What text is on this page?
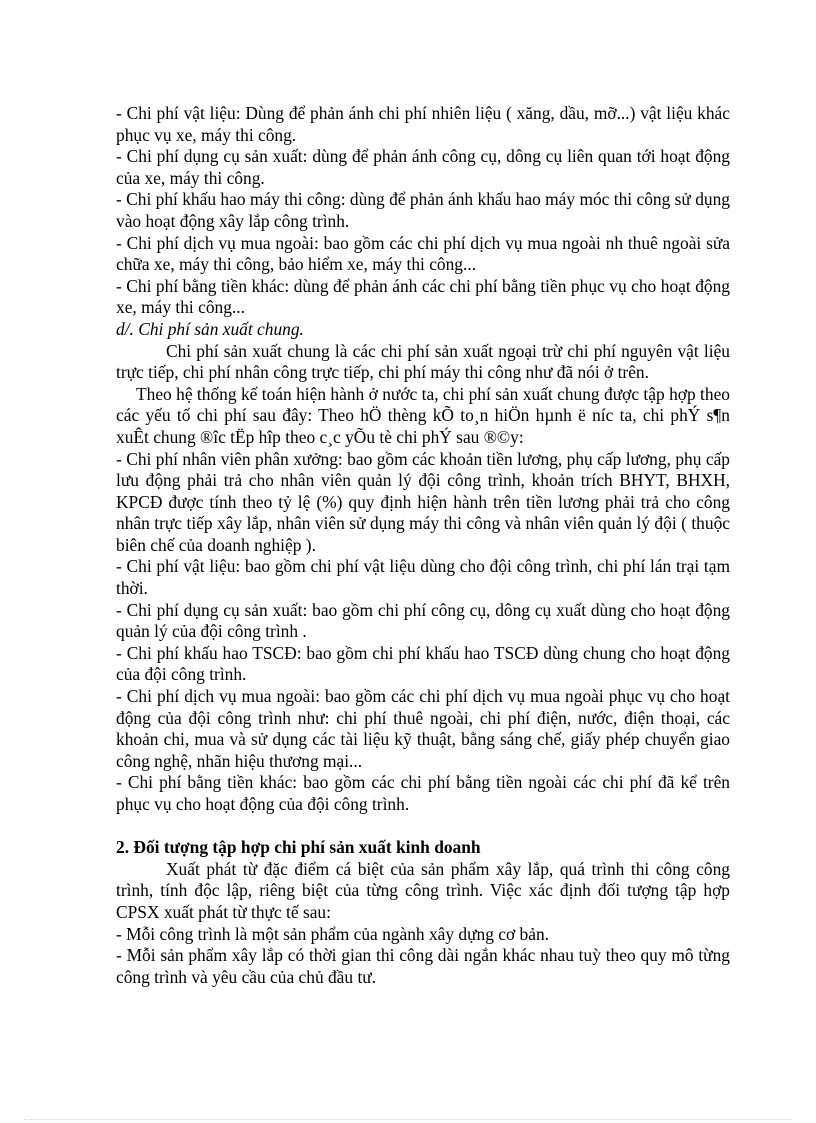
- Chi phí vật liệu: Dùng để phản ánh chi phí nhiên liệu ( xăng, dầu, mỡ...) vật liệu khác phục vụ xe, máy thi công.

- Chi phí dụng cụ sản xuất: dùng để phản ánh công cụ, dông cụ liên quan tới hoạt động của xe, máy thi công.

- Chi phí khấu hao máy thi công: dùng để phản ánh khấu hao máy móc thi công sử dụng vào hoạt động xây lắp công trình.

- Chi phí dịch vụ mua ngoài: bao gồm các chi phí dịch vụ mua ngoài nh thuê ngoài sửa chữa xe, máy thi công, bảo hiểm xe, máy thi công...

- Chi phí bằng tiền khác: dùng để phản ánh các chi phí bằng tiền phục vụ cho hoạt động xe, máy thi công...

d/. Chi phí sản xuất chung.

Chi phí sản xuất chung là các chi phí sản xuất ngoại trừ chi phí nguyên vật liệu trực tiếp, chi phí nhân công trực tiếp, chi phí máy thi công như đã nói ở trên.

Theo hệ thống kế toán hiện hành ở nước ta, chi phí sản xuất chung được tập hợp theo các yếu tố chi phí sau đây: Theo hÖ thèng kÕ to¸n hiÖn hµnh ë níc ta, chi phÝ s¶n xuÊt chung ®îc tËp hîp theo c¸c yÕu tè chi phÝ sau ®©y:

- Chi phí nhân viên phân xưởng: bao gồm các khoản tiền lương, phụ cấp lương, phụ cấp lưu động phải trả cho nhân viên quản lý đội công trình, khoản trích BHYT, BHXH, KPCĐ được tính theo tỷ lệ (%) quy định hiện hành trên tiền lương phải trả cho công nhân trực tiếp xây lắp, nhân viên sử dụng máy thi công và nhân viên quản lý đội ( thuộc biên chế của doanh nghiệp ).

- Chi phí vật liệu: bao gồm chi phí vật liệu dùng cho đội công trình, chi phí lán trại tạm thời.

- Chi phí dụng cụ sản xuất: bao gồm chi phí công cụ, dông cụ xuất dùng cho hoạt động quản lý của đội công trình .

- Chi phí khấu hao TSCĐ: bao gồm chi phí khấu hao TSCĐ dùng chung cho hoạt động của đội công trình.

- Chi phí dịch vụ mua ngoài: bao gồm các chi phí dịch vụ mua ngoài phục vụ cho hoạt động của đội công trình như: chi phí thuê ngoài, chi phí điện, nước, điện thoại, các khoản chi, mua và sử dụng các tài liệu kỹ thuật, bằng sáng chế, giấy phép chuyển giao công nghệ, nhãn hiệu thương mại...

- Chi phí bằng tiền khác: bao gồm các chi phí bằng tiền ngoài các chi phí đã kể trên phục vụ cho hoạt động của đội công trình.

2. Đối tượng tập hợp chi phí sản xuất kinh doanh

Xuất phát từ đặc điểm cá biệt của sản phẩm xây lắp, quá trình thi công công trình, tính độc lập, riêng biệt của từng công trình. Việc xác định đối tượng tập hợp CPSX xuất phát từ thực tế sau:

- Mỗi công trình là một sản phẩm của ngành xây dựng cơ bản.

- Mỗi sản phẩm xây lắp có thời gian thi công dài ngắn khác nhau tuỳ theo quy mô từng công trình và yêu cầu của chủ đầu tư.
